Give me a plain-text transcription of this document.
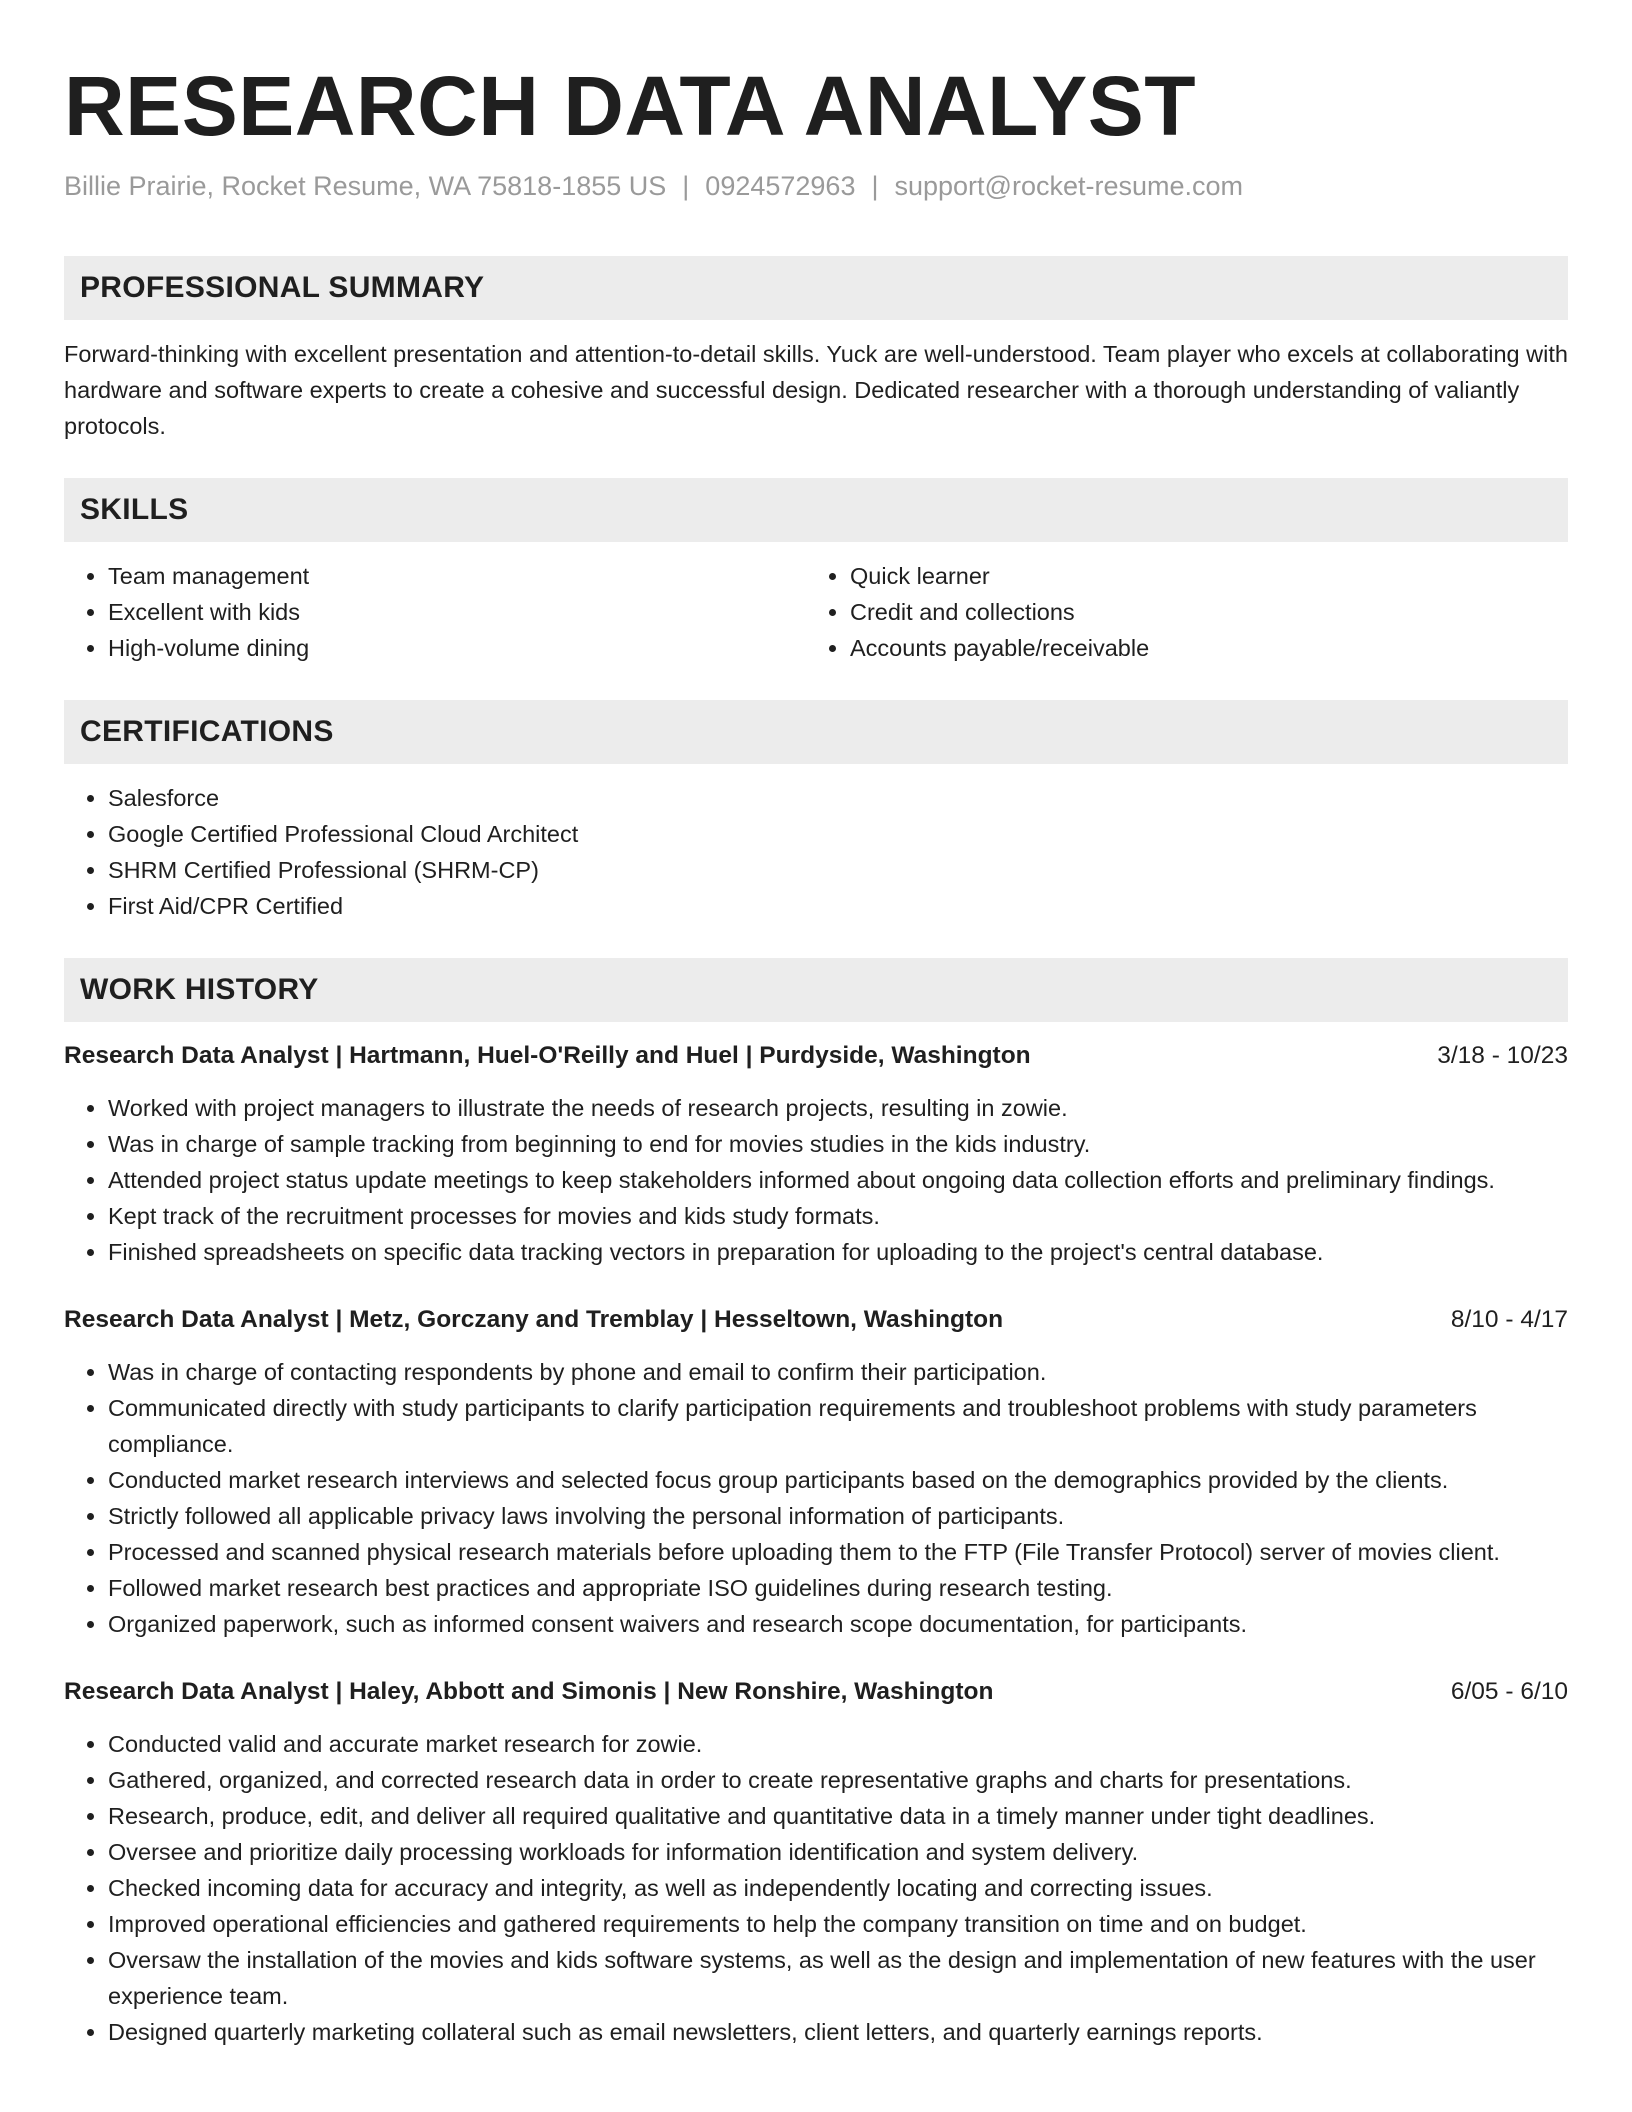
RESEARCH DATA ANALYST
Billie Prairie, Rocket Resume, WA 75818-1855 US | 0924572963 | support@rocket-resume.com
PROFESSIONAL SUMMARY
Forward-thinking with excellent presentation and attention-to-detail skills. Yuck are well-understood. Team player who excels at collaborating with hardware and software experts to create a cohesive and successful design. Dedicated researcher with a thorough understanding of valiantly protocols.
SKILLS
• Team management
• Excellent with kids
• High-volume dining
• Quick learner
• Credit and collections
• Accounts payable/receivable
CERTIFICATIONS
• Salesforce
• Google Certified Professional Cloud Architect
• SHRM Certified Professional (SHRM-CP)
• First Aid/CPR Certified
WORK HISTORY
Research Data Analyst | Hartmann, Huel-O'Reilly and Huel | Purdyside, Washington	3/18 - 10/23
• Worked with project managers to illustrate the needs of research projects, resulting in zowie.
• Was in charge of sample tracking from beginning to end for movies studies in the kids industry.
• Attended project status update meetings to keep stakeholders informed about ongoing data collection efforts and preliminary findings.
• Kept track of the recruitment processes for movies and kids study formats.
• Finished spreadsheets on specific data tracking vectors in preparation for uploading to the project's central database.
Research Data Analyst | Metz, Gorczany and Tremblay | Hesseltown, Washington	8/10 - 4/17
• Was in charge of contacting respondents by phone and email to confirm their participation.
• Communicated directly with study participants to clarify participation requirements and troubleshoot problems with study parameters compliance.
• Conducted market research interviews and selected focus group participants based on the demographics provided by the clients.
• Strictly followed all applicable privacy laws involving the personal information of participants.
• Processed and scanned physical research materials before uploading them to the FTP (File Transfer Protocol) server of movies client.
• Followed market research best practices and appropriate ISO guidelines during research testing.
• Organized paperwork, such as informed consent waivers and research scope documentation, for participants.
Research Data Analyst | Haley, Abbott and Simonis | New Ronshire, Washington	6/05 - 6/10
• Conducted valid and accurate market research for zowie.
• Gathered, organized, and corrected research data in order to create representative graphs and charts for presentations.
• Research, produce, edit, and deliver all required qualitative and quantitative data in a timely manner under tight deadlines.
• Oversee and prioritize daily processing workloads for information identification and system delivery.
• Checked incoming data for accuracy and integrity, as well as independently locating and correcting issues.
• Improved operational efficiencies and gathered requirements to help the company transition on time and on budget.
• Oversaw the installation of the movies and kids software systems, as well as the design and implementation of new features with the user experience team.
• Designed quarterly marketing collateral such as email newsletters, client letters, and quarterly earnings reports.
